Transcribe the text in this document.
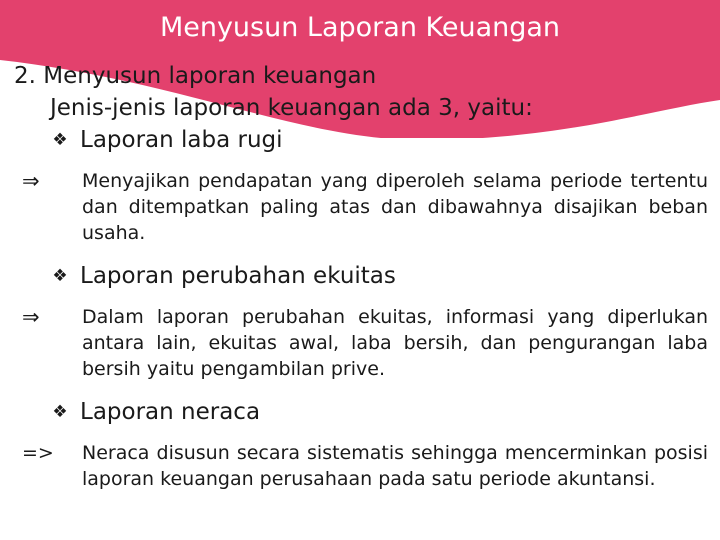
Menyusun Laporan Keuangan

2. Menyusun laporan keuangan

Jenis-jenis laporan keuangan ada 3, yaitu:

❖ Laporan laba rugi
⇒	Menyajikan pendapatan yang diperoleh selama periode tertentu dan ditempatkan paling atas dan dibawahnya disajikan beban usaha.
❖ Laporan perubahan ekuitas
⇒	Dalam laporan perubahan ekuitas, informasi yang diperlukan antara lain, ekuitas awal, laba bersih, dan pengurangan laba bersih yaitu pengambilan prive.
❖ Laporan neraca
=>	Neraca disusun secara sistematis sehingga mencerminkan posisi laporan keuangan perusahaan pada satu periode akuntansi.
